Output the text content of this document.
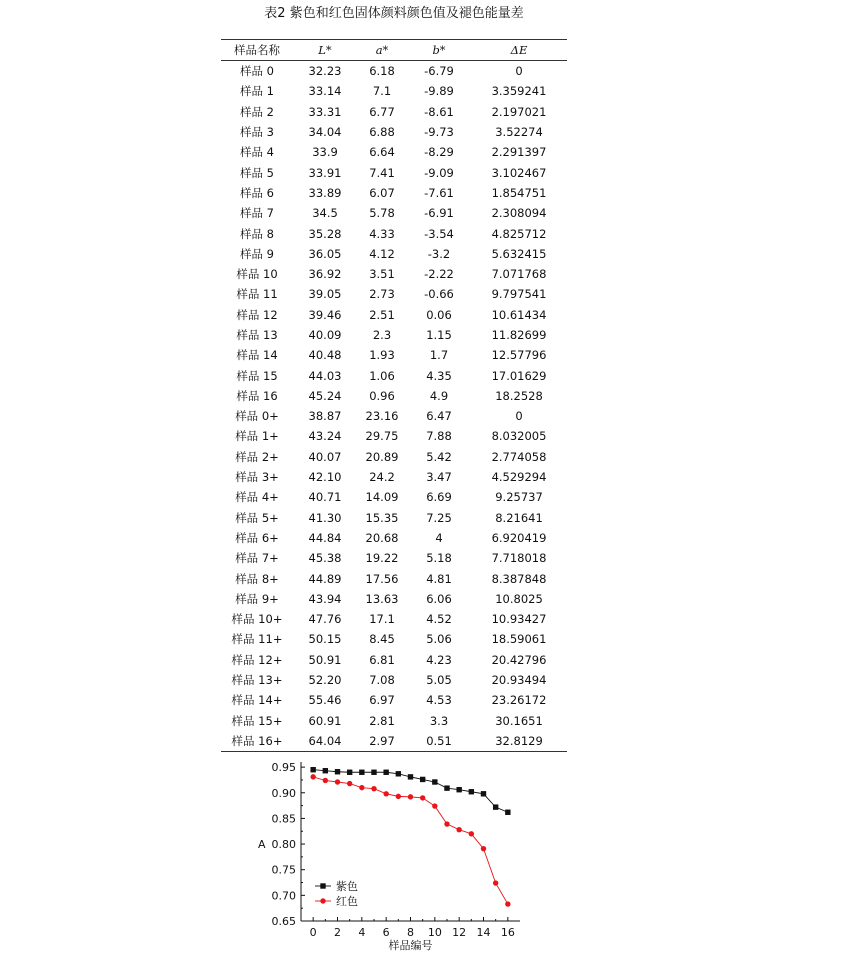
表2 紫色和红色固体颜料颜色值及褪色能量差
样品名称	L*	a*	b*	ΔE
样品 0	32.23	6.18	-6.79	0
样品 1	33.14	7.1	-9.89	3.359241
样品 2	33.31	6.77	-8.61	2.197021
样品 3	34.04	6.88	-9.73	3.52274
样品 4	33.9	6.64	-8.29	2.291397
样品 5	33.91	7.41	-9.09	3.102467
样品 6	33.89	6.07	-7.61	1.854751
样品 7	34.5	5.78	-6.91	2.308094
样品 8	35.28	4.33	-3.54	4.825712
样品 9	36.05	4.12	-3.2	5.632415
样品 10	36.92	3.51	-2.22	7.071768
样品 11	39.05	2.73	-0.66	9.797541
样品 12	39.46	2.51	0.06	10.61434
样品 13	40.09	2.3	1.15	11.82699
样品 14	40.48	1.93	1.7	12.57796
样品 15	44.03	1.06	4.35	17.01629
样品 16	45.24	0.96	4.9	18.2528
样品 0+	38.87	23.16	6.47	0
样品 1+	43.24	29.75	7.88	8.032005
样品 2+	40.07	20.89	5.42	2.774058
样品 3+	42.10	24.2	3.47	4.529294
样品 4+	40.71	14.09	6.69	9.25737
样品 5+	41.30	15.35	7.25	8.21641
样品 6+	44.84	20.68	4	6.920419
样品 7+	45.38	19.22	5.18	7.718018
样品 8+	44.89	17.56	4.81	8.387848
样品 9+	43.94	13.63	6.06	10.8025
样品 10+	47.76	17.1	4.52	10.93427
样品 11+	50.15	8.45	5.06	18.59061
样品 12+	50.91	6.81	4.23	20.42796
样品 13+	52.20	7.08	5.05	20.93494
样品 14+	55.46	6.97	4.53	23.26172
样品 15+	60.91	2.81	3.3	30.1651
样品 16+	64.04	2.97	0.51	32.8129
0.65
0.70
0.75
0.80
0.85
0.90
0.95
0 2 4 6 8 10 12 14 16
A
样品编号
紫色
红色
